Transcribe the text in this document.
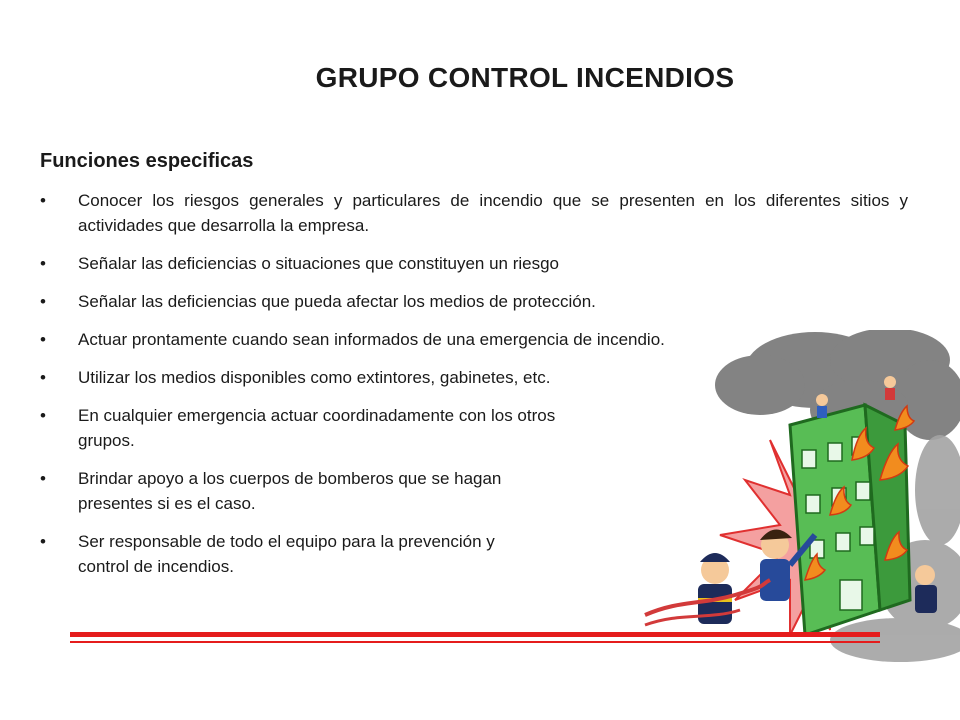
GRUPO CONTROL INCENDIOS
Funciones especificas
• Conocer los riesgos generales y particulares de incendio que se presenten en los diferentes sitios y actividades que desarrolla la empresa.
• Señalar las deficiencias o situaciones que constituyen un riesgo
• Señalar las deficiencias que pueda afectar los medios de protección.
• Actuar prontamente cuando sean informados de una emergencia de incendio.
• Utilizar los medios disponibles como extintores, gabinetes, etc.
• En cualquier emergencia actuar coordinadamente con los otros
grupos.
• Brindar apoyo a los cuerpos de bomberos que se hagan
presentes si es el caso.
• Ser responsable de todo el equipo para la prevención y
control de incendios.
